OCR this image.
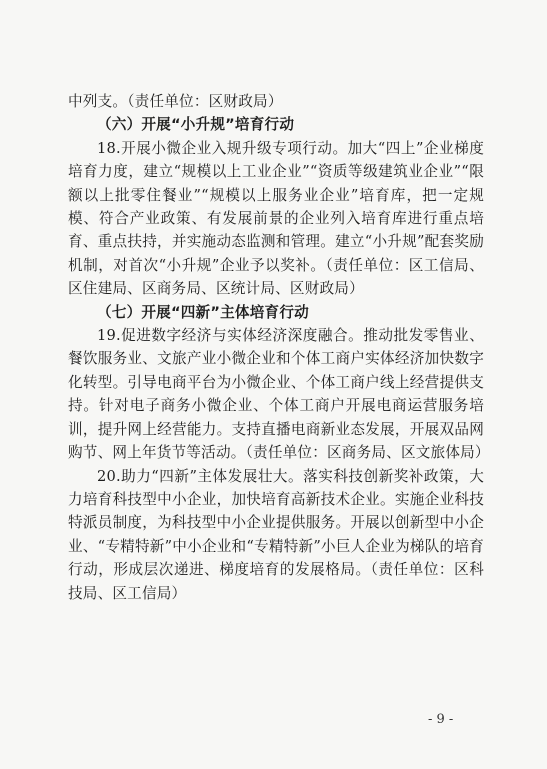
中列支。（责任单位：区财政局）

（六）开展“小升规”培育行动

18.开展小微企业入规升级专项行动。加大“四上”企业梯度培育力度，建立“规模以上工业企业”“资质等级建筑业企业”“限额以上批零住餐业”“规模以上服务业企业”培育库，把一定规模、符合产业政策、有发展前景的企业列入培育库进行重点培育、重点扶持，并实施动态监测和管理。建立“小升规”配套奖励机制，对首次“小升规”企业予以奖补。（责任单位：区工信局、区住建局、区商务局、区统计局、区财政局）

（七）开展“四新”主体培育行动

19.促进数字经济与实体经济深度融合。推动批发零售业、餐饮服务业、文旅产业小微企业和个体工商户实体经济加快数字化转型。引导电商平台为小微企业、个体工商户线上经营提供支持。针对电子商务小微企业、个体工商户开展电商运营服务培训，提升网上经营能力。支持直播电商新业态发展，开展双品网购节、网上年货节等活动。（责任单位：区商务局、区文旅体局）

20.助力“四新”主体发展壮大。落实科技创新奖补政策，大力培育科技型中小企业，加快培育高新技术企业。实施企业科技特派员制度，为科技型中小企业提供服务。开展以创新型中小企业、“专精特新”中小企业和“专精特新”小巨人企业为梯队的培育行动，形成层次递进、梯度培育的发展格局。（责任单位：区科技局、区工信局）

- 9 -
